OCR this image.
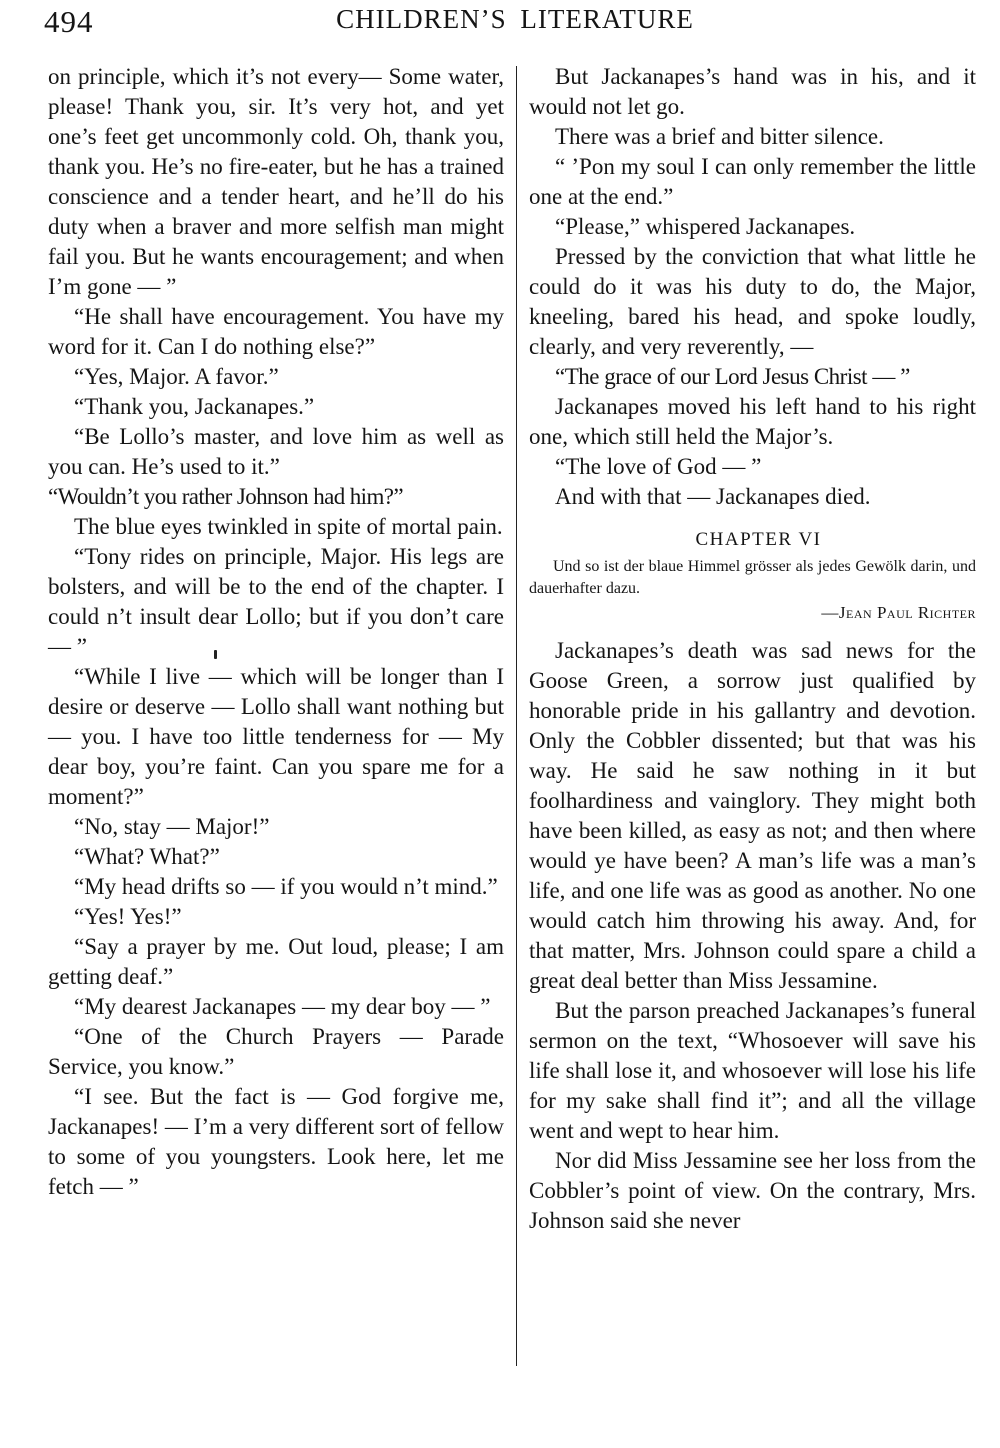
494	CHILDREN’S LITERATURE

on principle, which it’s not every— Some water, please! Thank you, sir. It’s very hot, and yet one’s feet get uncommonly cold. Oh, thank you, thank you. He’s no fire-eater, but he has a trained conscience and a tender heart, and he’ll do his duty when a braver and more selfish man might fail you. But he wants encouragement; and when I’m gone — ”

“He shall have encouragement. You have my word for it. Can I do nothing else?”

“Yes, Major. A favor.”

“Thank you, Jackanapes.”

“Be Lollo’s master, and love him as well as you can. He’s used to it.”

“Wouldn’t you rather Johnson had him?”

The blue eyes twinkled in spite of mortal pain.

“Tony rides on principle, Major. His legs are bolsters, and will be to the end of the chapter. I could n’t insult dear Lollo; but if you don’t care — ”

“While I live — which will be longer than I desire or deserve — Lollo shall want nothing but — you. I have too little tenderness for — My dear boy, you’re faint. Can you spare me for a moment?”

“No, stay — Major!”

“What? What?”

“My head drifts so — if you would n’t mind.”

“Yes! Yes!”

“Say a prayer by me. Out loud, please; I am getting deaf.”

“My dearest Jackanapes — my dear boy — ”

“One of the Church Prayers — Parade Service, you know.”

“I see. But the fact is — God forgive me, Jackanapes! — I’m a very different sort of fellow to some of you youngsters. Look here, let me fetch — ”

But Jackanapes’s hand was in his, and it would not let go.

There was a brief and bitter silence.

“ ’Pon my soul I can only remember the little one at the end.”

“Please,” whispered Jackanapes.

Pressed by the conviction that what little he could do it was his duty to do, the Major, kneeling, bared his head, and spoke loudly, clearly, and very reverently, —

“The grace of our Lord Jesus Christ — ”

Jackanapes moved his left hand to his right one, which still held the Major’s.

“The love of God — ”

And with that — Jackanapes died.

CHAPTER VI
Und so ist der blaue Himmel grösser als jedes Gewölk darin, und dauerhafter dazu.
—Jean Paul Richter

Jackanapes’s death was sad news for the Goose Green, a sorrow just qualified by honorable pride in his gallantry and devotion. Only the Cobbler dissented; but that was his way. He said he saw nothing in it but foolhardiness and vainglory. They might both have been killed, as easy as not; and then where would ye have been? A man’s life was a man’s life, and one life was as good as another. No one would catch him throwing his away. And, for that matter, Mrs. Johnson could spare a child a great deal better than Miss Jessamine.

But the parson preached Jackanapes’s funeral sermon on the text, “Whosoever will save his life shall lose it, and whosoever will lose his life for my sake shall find it”; and all the village went and wept to hear him.

Nor did Miss Jessamine see her loss from the Cobbler’s point of view. On the contrary, Mrs. Johnson said she never
